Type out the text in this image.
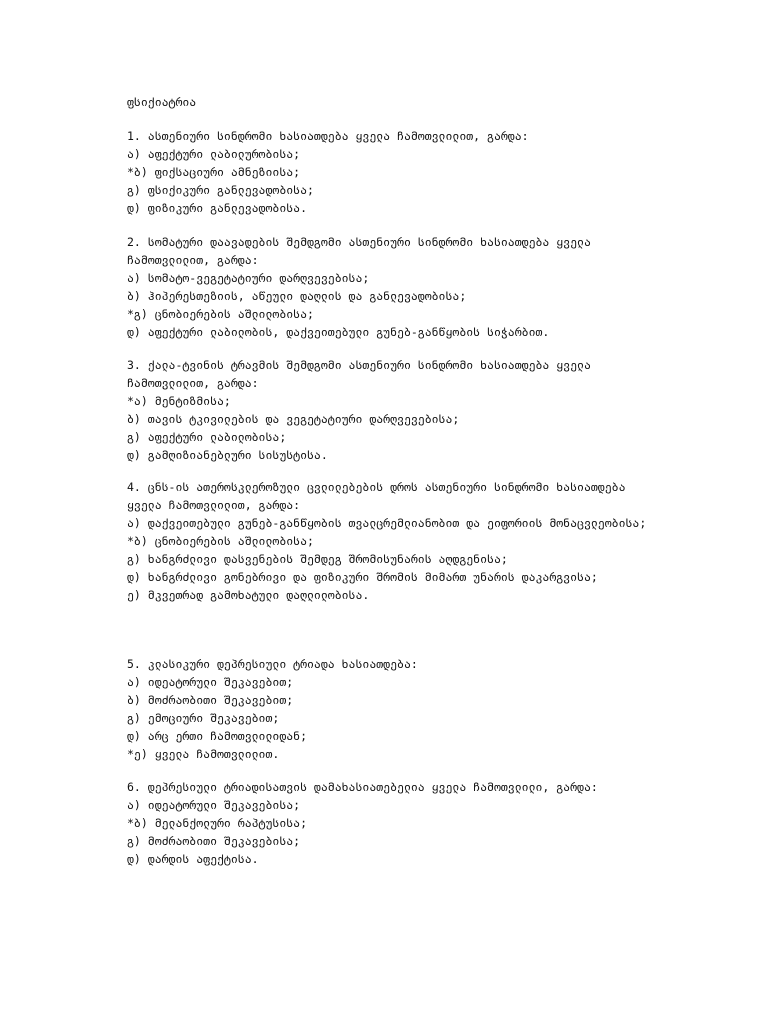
ფსიქიატრია
1. ასთენიური სინდრომი ხასიათდება ყველა ჩამოთვლილით, გარდა:
ა) აფექტური ლაბილურობისა;
*ბ) ფიქსაციური ამნეზიისა;
გ) ფსიქიკური განლევადობისა;
დ) ფიზიკური განლევადობისა.
2. სომატური დაავადების შემდგომი ასთენიური სინდრომი ხასიათდება ყველა ჩამოთვლილით, გარდა:
ა) სომატო-ვეგეტატიური დარღვევებისა;
ბ) ჰიპერესთეზიის, აწეული დაღლის და განლევადობისა;
*გ) ცნობიერების აშლილობისა;
დ) აფექტური ლაბილობის, დაქვეითებული გუნებ-განწყობის სიჭარბით.
3. ქალა-ტვინის ტრავმის შემდგომი ასთენიური სინდრომი ხასიათდება ყველა ჩამოთვლილით, გარდა:
*ა) მენტიზმისა;
ბ) თავის ტკივილების და ვეგეტატიური დარღვევებისა;
გ) აფექტური ლაბილობისა;
დ) გამღიზიანებლური სისუსტისა.
4. ცნს-ის ათეროსკლეროზული ცვლილებების დროს ასთენიური სინდრომი ხასიათდება ყველა ჩამოთვლილით, გარდა:
ა) დაქვეითებული გუნებ-განწყობის თვალცრემლიანობით და ეიფორიის მონაცვლეობისა;
*ბ) ცნობიერების აშლილობისა;
გ) ხანგრძლივი დასვენების შემდეგ შრომისუნარის აღდგენისა;
დ) ხანგრძლივი გონებრივი და ფიზიკური შრომის მიმართ უნარის დაკარგვისა;
ე) მკვეთრად გამოხატული დაღლილობისა.
5. კლასიკური დეპრესიული ტრიადა ხასიათდება:
ა) იდეატორული შეკავებით;
ბ) მოძრაობითი შეკავებით;
გ) ემოციური შეკავებით;
დ) არც ერთი ჩამოთვლილიდან;
*ე) ყველა ჩამოთვლილით.
6. დეპრესიული ტრიადისათვის დამახასიათებელია ყველა ჩამოთვლილი, გარდა:
ა) იდეატორული შეკავებისა;
*ბ) მელანქოლური რაპტუსისა;
გ) მოძრაობითი შეკავებისა;
დ) დარდის აფექტისა.
